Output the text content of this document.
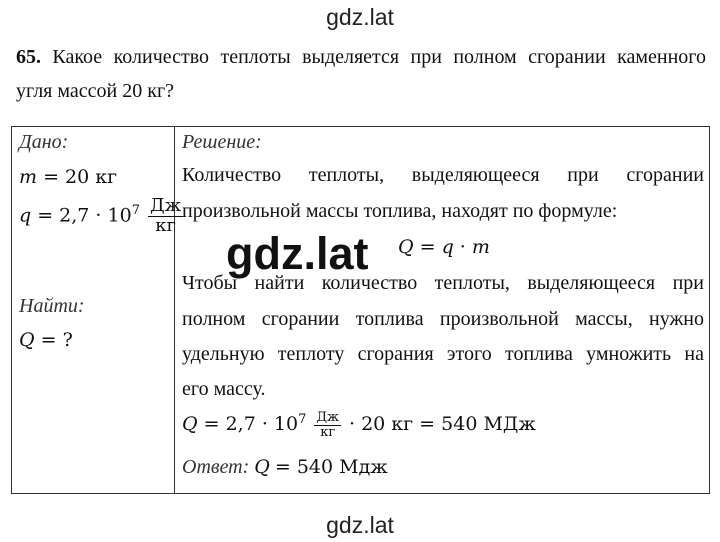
gdz.lat
65. Какое количество теплоты выделяется при полном сгорании каменного
угля массой 20 кг?
Дано:
m = 20 кг
$q = 2,7 \cdot 10^7 \frac{Дж}{кг}$
Найти:
Q = ?
Решение:
Количество теплоты, выделяющееся при сгорании
произвольной массы топлива, находят по формуле:
Q = q · m
Чтобы найти количество теплоты, выделяющееся при
полном сгорании топлива произвольной массы, нужно
удельную теплоту сгорания этого топлива умножить на
его массу.
$Q = 2,7 \cdot 10^7 \frac{Дж}{кг} \cdot 20$ кг = 540 МДж
Ответ: Q = 540 Мдж
gdz.lat
gdz.lat
